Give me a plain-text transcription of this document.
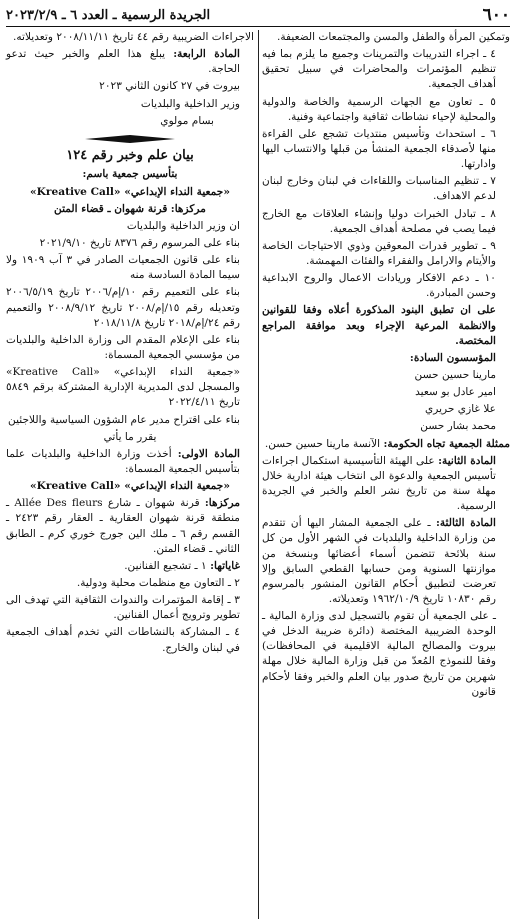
٦٠٠
الجريدة الرسمية ـ العدد ٦ ـ ٢٠٢٣/٢/٩

وتمكين المرأة والطفل والمسن والمجتمعات الضعيفة.

٤ ـ اجراء التدريبات والتمرينات وجميع ما يلزم بما فيه تنظيم المؤتمرات والمحاضرات في سبيل تحقيق أهداف الجمعية.

٥ ـ تعاون مع الجهات الرسمية والخاصة والدولية والمحلية لإحياء نشاطات ثقافية واجتماعية وفنية.

٦ ـ استحداث وتأسيس منتديات تشجع على القراءة منها لأصدقاء الجمعية المنشأ من قبلها والانتساب اليها وادارتها.

٧ ـ تنظيم المناسبات واللقاءات في لبنان وخارج لبنان لدعم الاهداف.

٨ ـ تبادل الخبرات دوليا وإنشاء العلاقات مع الخارج فيما يصب في مصلحة أهداف الجمعية.

٩ ـ تطوير قدرات المعوقين وذوي الاحتياجات الخاصة والأيتام والارامل والفقراء والفئات المهمشة.

١٠ ـ دعم الافكار وريادات الاعمال والروح الابداعية وحسن المبادرة.

على ان تطبق البنود المذكورة أعلاه وفقا للقوانين والانظمة المرعية الإجراء وبعد موافقة المراجع المختصة.

المؤسسون السادة:

مارينا حسين حسن

امير عادل بو سعيد

علا غازي حريري

محمد بشار حسن

ممثلة الجمعية تجاه الحكومة: الآنسة مارينا حسين حسن.

المادة الثانية: على الهيئة التأسيسية استكمال اجراءات تأسيس الجمعية والدعوة الى انتخاب هيئة ادارية خلال مهلة سنة من تاريخ نشر العلم والخبر في الجريدة الرسمية.

المادة الثالثة: ـ على الجمعية المشار اليها أن تتقدم من وزارة الداخلية والبلديات في الشهر الأول من كل سنة بلائحة تتضمن أسماء أعضائها وبنسخة من موازنتها السنوية ومن حسابها القطعي السابق وإلا تعرضت لتطبيق أحكام القانون المنشور بالمرسوم رقم ١٠٨٣٠ تاريخ ١٩٦٢/١٠/٩ وتعديلاته.

ـ على الجمعية أن تقوم بالتسجيل لدى وزارة المالية ـ الوحدة الضريبية المختصة (دائرة ضريبة الدخل في بيروت والمصالح المالية الاقليمية في المحافظات) وفقا للنموذج المُعدّ من قبل وزارة المالية خلال مهلة شهرين من تاريخ صدور بيان العلم والخبر وفقا لأحكام قانون

الاجراءات الضريبية رقم ٤٤ تاريخ ٢٠٠٨/١١/١١ وتعديلاته.

المادة الرابعة: يبلغ هذا العلم والخبر حيث تدعو الحاجة.

بيروت في ٢٧ كانون الثاني ٢٠٢٣

وزير الداخلية والبلديات

بسام مولوي

بيان علم وخبر رقم ١٢٤

بتأسيس جمعية باسم:

«جمعية النداء الإبداعي» «Kreative Call»

مركزها: قرنة شهوان ـ قضاء المتن

ان وزير الداخلية والبلديات

بناء على المرسوم رقم ٨٣٧٦ تاريخ ٢٠٢١/٩/١٠

بناء على قانون الجمعيات الصادر في ٣ آب ١٩٠٩ ولا سيما المادة السادسة منه

بناء على التعميم رقم ١٠/إم/٢٠٠٦ تاريخ ٢٠٠٦/٥/١٩ وتعديله رقم ١٥/إم/٢٠٠٨ تاريخ ٢٠٠٨/٩/١٢ والتعميم رقم ٢٤/إم/٢٠١٨ تاريخ ٢٠١٨/١١/٨

بناء على الإعلام المقدم الى وزارة الداخلية والبلديات من مؤسسي الجمعية المسماة:

«جمعية النداء الإبداعي» «Kreative Call» والمسجل لدى المديرية الإدارية المشتركة برقم ٥٨٤٩ تاريخ ٢٠٢٢/٤/١١

بناء على اقتراح مدير عام الشؤون السياسية واللاجئين

يقرر ما يأتي

المادة الاولى: أخذت وزارة الداخلية والبلديات علما بتأسيس الجمعية المسماة:

«جمعية النداء الإبداعي» «Kreative Call»

مركزها: قرنة شهوان ـ شارع Allée Des fleurs ـ منطقة قرنة شهوان العقارية ـ العقار رقم ٢٤٢٣ ـ القسم رقم ٦ ـ ملك الين جورج خوري كرم ـ الطابق الثاني ـ قضاء المتن.

غاياتها: ١ ـ تشجيع الفنانين.

٢ ـ التعاون مع منظمات محلية ودولية.

٣ ـ إقامة المؤتمرات والندوات الثقافية التي تهدف الى تطوير وترويج أعمال الفنانين.

٤ ـ المشاركة بالنشاطات التي تخدم أهداف الجمعية في لبنان والخارج.
